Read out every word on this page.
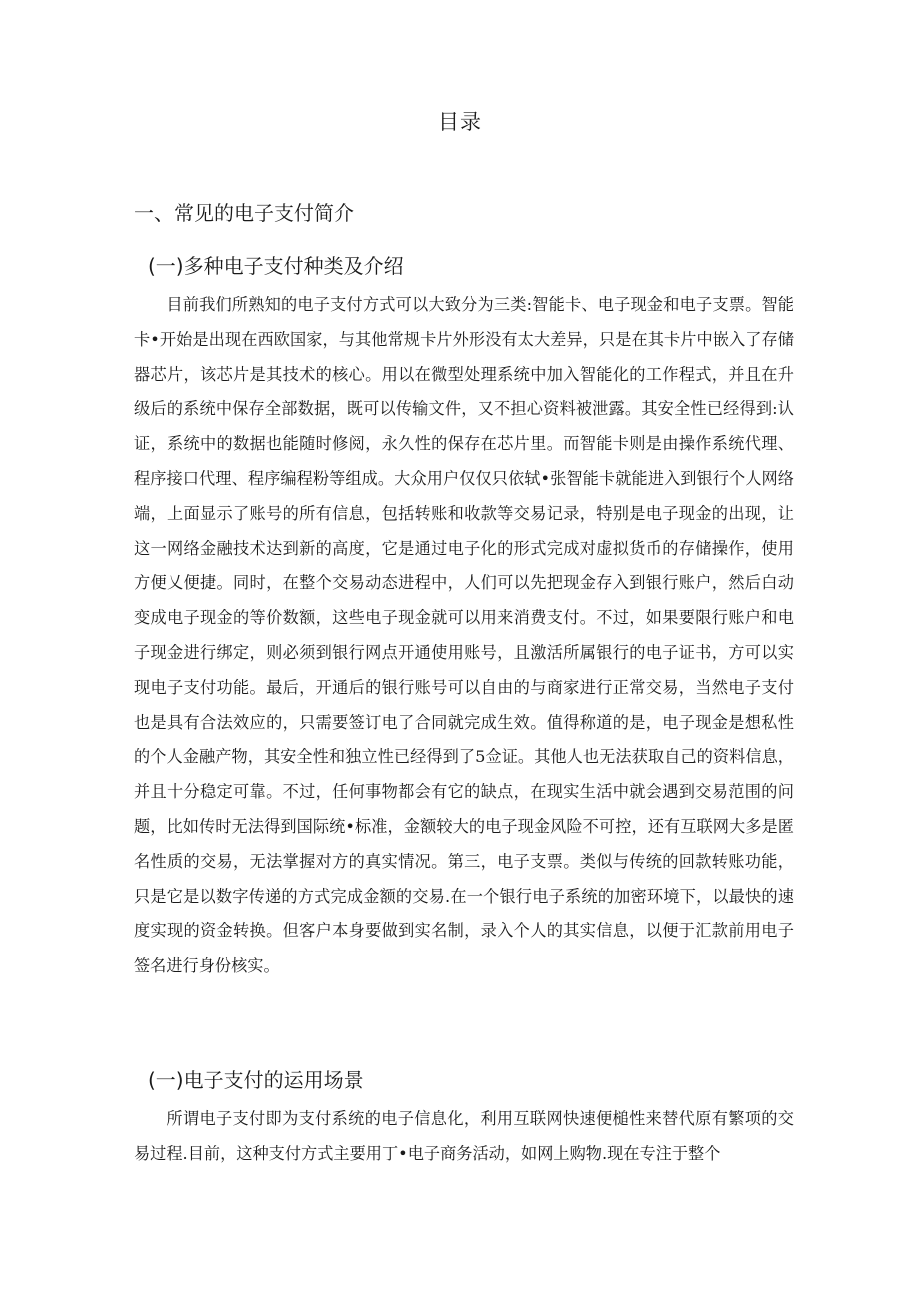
目录
一、常见的电子支付简介
(一)多种电子支付种类及介绍

目前我们所熟知的电子支付方式可以大致分为三类:智能卡、电子现金和电子支票。智能卡•开始是出现在西欧国家，与其他常规卡片外形没有太大差异，只是在其卡片中嵌入了存储器芯片，该芯片是其技术的核心。用以在微型处理系统中加入智能化的工作程式，并且在升级后的系统中保存全部数据，既可以传输文件，又不担心资料被泄露。其安全性已经得到:认证，系统中的数据也能随时修阅，永久性的保存在芯片里。而智能卡则是由操作系统代理、程序接口代理、程序编程粉等组成。大众用户仅仅只依轼•张智能卡就能进入到银行个人网络端，上面显示了账号的所有信息，包括转账和收款等交易记录，特别是电子现金的出现，让这一网络金融技术达到新的高度，它是通过电子化的形式完成对虚拟货币的存储操作，使用方便乂便捷。同时，在整个交易动态进程中，人们可以先把现金存入到银行账户，然后白动变成电子现金的等价数额，这些电子现金就可以用来消费支付。不过，如果要限行账户和电子现金进行绑定，则必须到银行网点开通使用账号，且激活所属银行的电子证书，方可以实现电子支付功能。最后，开通后的银行账号可以自由的与商家进行正常交易，当然电子支付也是具有合法效应的，只需要签订电了合同就完成生效。值得称道的是，电子现金是想私性的个人金融产物，其安全性和独立性已经得到了5佥证。其他人也无法获取自己的资料信息，并且十分稳定可靠。不过，任何事物都会有它的缺点，在现实生活中就会遇到交易范围的问题，比如传时无法得到国际统•标准，金额较大的电子现金风险不可控，还有互联网大多是匿名性质的交易，无法掌握对方的真实情况。第三，电子支票。类似与传统的回款转账功能，只是它是以数字传递的方式完成金额的交易.在一个银行电子系统的加密环境下，以最快的速度实现的资金转换。但客户本身要做到实名制，录入个人的其实信息，以便于汇款前用电子签名进行身份核实。

(一)电子支付的运用场景

所谓电子支付即为支付系统的电子信息化，利用互联网快速便槌性来替代原有繁项的交易过程.目前，这种支付方式主要用丁•电子商务活动，如网上购物.现在专注于整个
